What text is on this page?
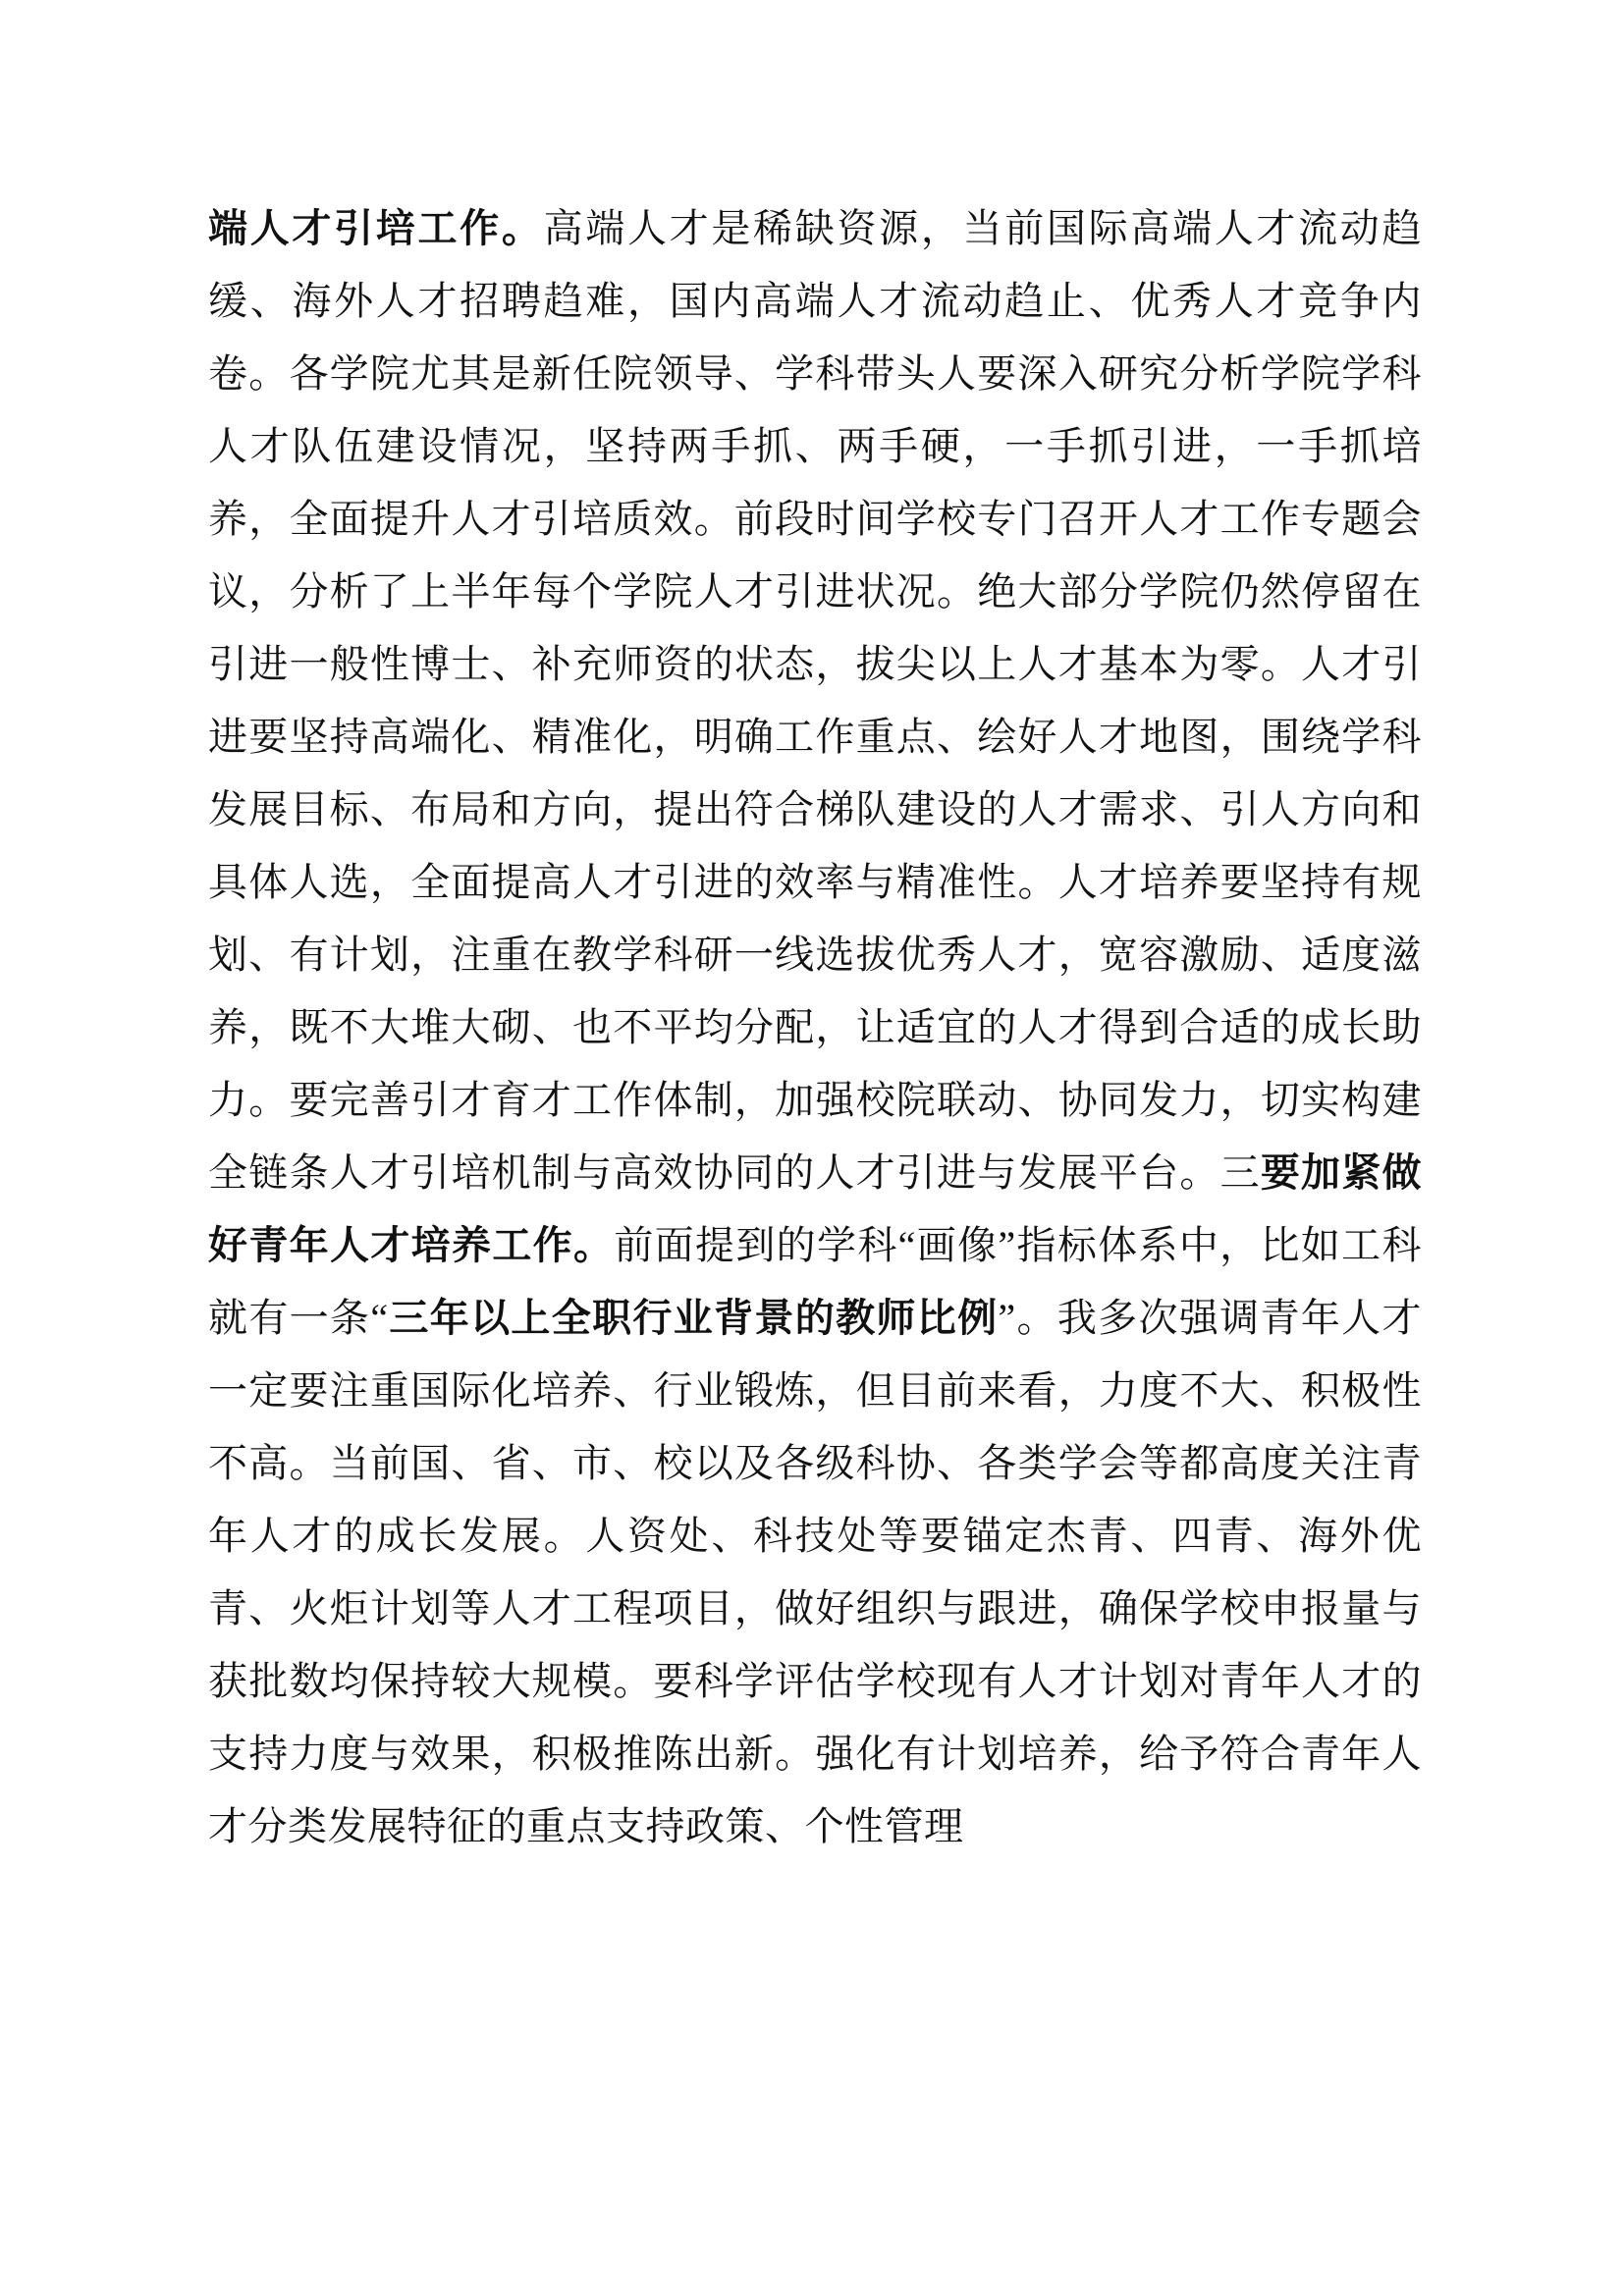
端人才引培工作。高端人才是稀缺资源，当前国际高端人才流动趋缓、海外人才招聘趋难，国内高端人才流动趋止、优秀人才竞争内卷。各学院尤其是新任院领导、学科带头人要深入研究分析学院学科人才队伍建设情况，坚持两手抓、两手硬，一手抓引进，一手抓培养，全面提升人才引培质效。前段时间学校专门召开人才工作专题会议，分析了上半年每个学院人才引进状况。绝大部分学院仍然停留在引进一般性博士、补充师资的状态，拔尖以上人才基本为零。人才引进要坚持高端化、精准化，明确工作重点、绘好人才地图，围绕学科发展目标、布局和方向，提出符合梯队建设的人才需求、引人方向和具体人选，全面提高人才引进的效率与精准性。人才培养要坚持有规划、有计划，注重在教学科研一线选拔优秀人才，宽容激励、适度滋养，既不大堆大砌、也不平均分配，让适宜的人才得到合适的成长助力。要完善引才育才工作体制，加强校院联动、协同发力，切实构建全链条人才引培机制与高效协同的人才引进与发展平台。三要加紧做好青年人才培养工作。前面提到的学科“画像”指标体系中，比如工科就有一条“三年以上全职行业背景的教师比例”。我多次强调青年人才一定要注重国际化培养、行业锻炼，但目前来看，力度不大、积极性不高。当前国、省、市、校以及各级科协、各类学会等都高度关注青年人才的成长发展。人资处、科技处等要锚定杰青、四青、海外优青、火炬计划等人才工程项目，做好组织与跟进，确保学校申报量与获批数均保持较大规模。要科学评估学校现有人才计划对青年人才的支持力度与效果，积极推陈出新。强化有计划培养，给予符合青年人才分类发展特征的重点支持政策、个性管理
